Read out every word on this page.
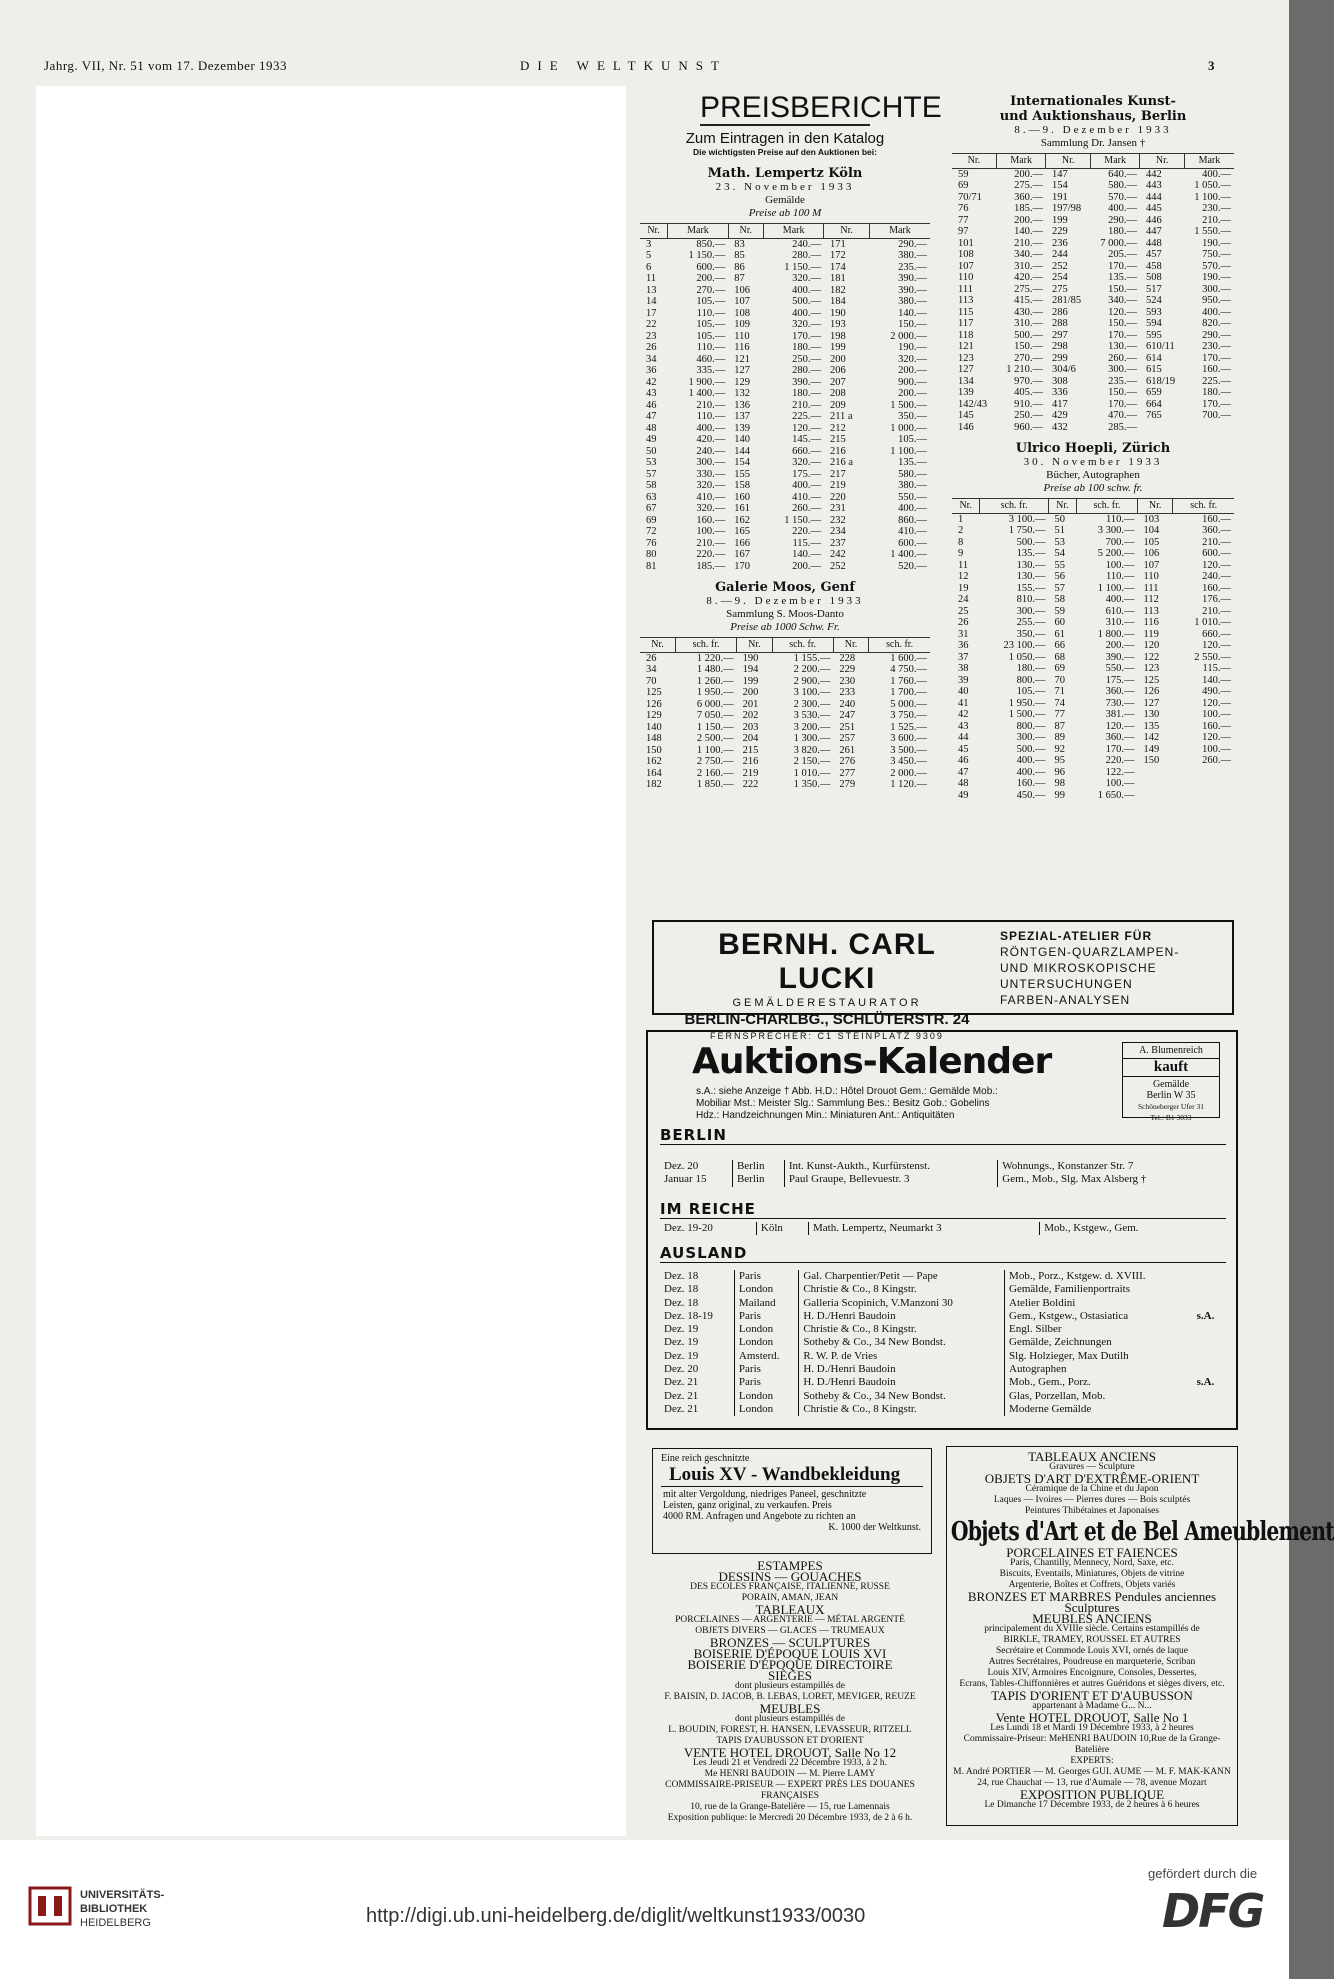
Jahrg. VII, Nr. 51 vom 17. Dezember 1933	DIE WELTKUNST	3
PREISBERICHTE
Zum Eintragen in den Katalog
Die wichtigsten Preise auf den Auktionen bei:
Math. Lempertz Köln
23. November 1933
Gemälde
Preise ab 100 M
Nr.	Mark	Nr.	Mark	Nr.	Mark
3	850.—	83	240.—	171	290.—
5	1 150.—	85	280.—	172	380.—
6	600.—	86	1 150.—	174	235.—
11	200.—	87	320.—	181	390.—
13	270.—	106	400.—	182	390.—
14	105.—	107	500.—	184	380.—
17	110.—	108	400.—	190	140.—
22	105.—	109	320.—	193	150.—
23	105.—	110	170.—	198	2 000.—
26	110.—	116	180.—	199	190.—
34	460.—	121	250.—	200	320.—
36	335.—	127	280.—	206	200.—
42	1 900.—	129	390.—	207	900.—
43	1 400.—	132	180.—	208	200.—
46	210.—	136	210.—	209	1 500.—
47	110.—	137	225.—	211 a	350.—
48	400.—	139	120.—	212	1 000.—
49	420.—	140	145.—	215	105.—
50	240.—	144	660.—	216	1 100.—
53	300.—	154	320.—	216 a	135.—
57	330.—	155	175.—	217	580.—
58	320.—	158	400.—	219	380.—
63	410.—	160	410.—	220	550.—
67	320.—	161	260.—	231	400.—
69	160.—	162	1 150.—	232	860.—
72	100.—	165	220.—	234	410.—
76	210.—	166	115.—	237	600.—
80	220.—	167	140.—	242	1 400.—
81	185.—	170	200.—	252	520.—
Galerie Moos, Genf
8.—9. Dezember 1933
Sammlung S. Moos-Danto
Preise ab 1000 Schw. Fr.
Nr.	sch. fr.	Nr.	sch. fr.	Nr.	sch. fr.
26	1 220.—	190	1 155.—	228	1 600.—
34	1 480.—	194	2 200.—	229	4 750.—
70	1 260.—	199	2 900.—	230	1 760.—
125	1 950.—	200	3 100.—	233	1 700.—
126	6 000.—	201	2 300.—	240	5 000.—
129	7 050.—	202	3 530.—	247	3 750.—
140	1 150.—	203	3 200.—	251	1 525.—
148	2 500.—	204	1 300.—	257	3 600.—
150	1 100.—	215	3 820.—	261	3 500.—
162	2 750.—	216	2 150.—	276	3 450.—
164	2 160.—	219	1 010.—	277	2 000.—
182	1 850.—	222	1 350.—	279	1 120.—
Internationales Kunst-
und Auktionshaus, Berlin
8.—9. Dezember 1933
Sammlung Dr. Jansen †
Nr.	Mark	Nr.	Mark	Nr.	Mark
59	200.—	147	640.—	442	400.—
69	275.—	154	580.—	443	1 050.—
70/71	360.—	191	570.—	444	1 100.—
76	185.—	197/98	400.—	445	230.—
77	200.—	199	290.—	446	210.—
97	140.—	229	180.—	447	1 550.—
101	210.—	236	7 000.—	448	190.—
108	340.—	244	205.—	457	750.—
107	310.—	252	170.—	458	570.—
110	420.—	254	135.—	508	190.—
111	275.—	275	150.—	517	300.—
113	415.—	281/85	340.—	524	950.—
115	430.—	286	120.—	593	400.—
117	310.—	288	150.—	594	820.—
118	500.—	297	170.—	595	290.—
121	150.—	298	130.—	610/11	230.—
123	270.—	299	260.—	614	170.—
127	1 210.—	304/6	300.—	615	160.—
134	970.—	308	235.—	618/19	225.—
139	405.—	336	150.—	659	180.—
142/43	910.—	417	170.—	664	170.—
145	250.—	429	470.—	765	700.—
146	960.—	432	285.—		
Ulrico Hoepli, Zürich
30. November 1933
Bücher, Autographen
Preise ab 100 schw. fr.
Nr.	sch. fr.	Nr.	sch. fr.	Nr.	sch. fr.
1	3 100.—	50	110.—	103	160.—
2	1 750.—	51	3 300.—	104	360.—
8	500.—	53	700.—	105	210.—
9	135.—	54	5 200.—	106	600.—
11	130.—	55	100.—	107	120.—
12	130.—	56	110.—	110	240.—
19	155.—	57	1 100.—	111	160.—
24	810.—	58	400.—	112	176.—
25	300.—	59	610.—	113	210.—
26	255.—	60	310.—	116	1 010.—
31	350.—	61	1 800.—	119	660.—
36	23 100.—	66	200.—	120	120.—
37	1 050.—	68	390.—	122	2 550.—
38	180.—	69	550.—	123	115.—
39	800.—	70	175.—	125	140.—
40	105.—	71	360.—	126	490.—
41	1 950.—	74	730.—	127	120.—
42	1 500.—	77	381.—	130	100.—
43	800.—	87	120.—	135	160.—
44	300.—	89	360.—	142	120.—
45	500.—	92	170.—	149	100.—
46	400.—	95	220.—	150	260.—
47	400.—	96	122.—		
48	160.—	98	100.—		
49	450.—	99	1 650.—		
BERNH. CARL LUCKI
GEMÄLDERESTAURATOR
BERLIN-CHARLBG., SCHLÜTERSTR. 24
FERNSPRECHER: C1 STEINPLATZ 9309
SPEZIAL-ATELIER FÜR
RÖNTGEN-QUARZLAMPEN-
UND MIKROSKOPISCHE
UNTERSUCHUNGEN
FARBEN-ANALYSEN
Auktions-Kalender
s.A.: siehe Anzeige † Abb. H.D.: Hôtel Drouot Gem.: Gemälde Mob.:
Mobiliar Mst.: Meister Slg.: Sammlung Bes.: Besitz Gob.: Gobelins
Hdz.: Handzeichnungen Min.: Miniaturen Ant.: Antiquitäten
A. Blumenreich
kauft
Gemälde
Berlin W 35
Schöneberger Ufer 31
Tel.: B1 3033
BERLIN
Dez. 20	Berlin	Int. Kunst-Aukth., Kurfürstenst.	Wohnungs., Konstanzer Str. 7	
Januar 15	Berlin	Paul Graupe, Bellevuestr. 3	Gem., Mob., Slg. Max Alsberg †	
IM REICHE
Dez. 19-20	Köln	Math. Lempertz, Neumarkt 3	Mob., Kstgew., Gem.	
AUSLAND
Dez. 18	Paris	Gal. Charpentier/Petit — Pape	Mob., Porz., Kstgew. d. XVIII.	
Dez. 18	London	Christie & Co., 8 Kingstr.	Gemälde, Familienportraits	
Dez. 18	Mailand	Galleria Scopinich, V.Manzoni 30	Atelier Boldini	
Dez. 18-19	Paris	H. D./Henri Baudoin	Gem., Kstgew., Ostasiatica	s.A.
Dez. 19	London	Christie & Co., 8 Kingstr.	Engl. Silber	
Dez. 19	London	Sotheby & Co., 34 New Bondst.	Gemälde, Zeichnungen	
Dez. 19	Amsterd.	R. W. P. de Vries	Slg. Holzieger, Max Dutilh	
Dez. 20	Paris	H. D./Henri Baudoin	Autographen	
Dez. 21	Paris	H. D./Henri Baudoin	Mob., Gem., Porz.	s.A.
Dez. 21	London	Sotheby & Co., 34 New Bondst.	Glas, Porzellan, Mob.	
Dez. 21	London	Christie & Co., 8 Kingstr.	Moderne Gemälde	
Eine reich geschnitzte
Louis XV - Wandbekleidung
mit alter Vergoldung, niedriges Paneel, geschnitzte
Leisten, ganz original, zu verkaufen. Preis
4000 RM. Anfragen und Angebote zu richten an
K. 1000 der Weltkunst.
ESTAMPES
DESSINS — GOUACHES
DES ECOLES FRANÇAISE, ITALIENNE, RUSSE
PORAIN, AMAN, JEAN
TABLEAUX
PORCELAINES — ARGENTERIE — MÉTAL ARGENTÉ
OBJETS DIVERS — GLACES — TRUMEAUX
BRONZES — SCULPTURES
BOISERIE D'ÉPOQUE LOUIS XVI
BOISERIE D'ÉPOQUE DIRECTOIRE
SIÈGES
dont plusieurs estampillés de
F. BAISIN, D. JACOB, B. LEBAS, LORET, MEVIGER, REUZE
MEUBLES
dont plusieurs estampillés de
L. BOUDIN, FOREST, H. HANSEN, LEVASSEUR, RITZELL
TAPIS D'AUBUSSON ET D'ORIENT
VENTE HOTEL DROUOT, Salle No 12
Les Jeudi 21 et Vendredi 22 Décembre 1933, à 2 h.
Me HENRI BAUDOIN — M. Pierre LAMY
COMMISSAIRE-PRISEUR — EXPERT PRÈS LES DOUANES FRANÇAISES
10, rue de la Grange-Batelière — 15, rue Lamennais
Exposition publique: le Mercredi 20 Décembre 1933, de 2 à 6 h.
TABLEAUX ANCIENS
Gravures — Sculpture
OBJETS D'ART D'EXTRÊME-ORIENT
Céramique de la Chine et du Japon
Laques — Ivoires — Pierres dures — Bois sculptés
Peintures Thibétaines et Japonaises
Objets d'Art et de Bel Ameublement
PORCELAINES ET FAIENCES
Paris, Chantilly, Mennecy, Nord, Saxe, etc.
Biscuits, Eventails, Miniatures, Objets de vitrine
Argenterie, Boîtes et Coffrets, Objets variés
BRONZES ET MARBRES Pendules anciennes Sculptures
MEUBLES ANCIENS
principalement du XVIIIe siècle. Certains estampillés de
BIRKLE, TRAMEY, ROUSSEL ET AUTRES
Secrétaire et Commode Louis XVI, ornés de laque
Autres Secrétaires, Poudreuse en marqueterie, Scriban
Louis XIV, Armoires Encoignure, Consoles, Dessertes,
Ecrans, Tables-Chiffonnières et autres Guéridons et sièges divers, etc.
TAPIS D'ORIENT ET D'AUBUSSON
appartenant à Madame G... N...
Vente HOTEL DROUOT, Salle No 1
Les Lundi 18 et Mardi 19 Décembre 1933, à 2 heures
Commissaire-Priseur: MeHENRI BAUDOIN 10,Rue de la Grange-Batelière
EXPERTS:
M. André PORTIER — M. Georges GUI. AUME — M. F. MAK-KANN
24, rue Chauchat — 13, rue d'Aumale — 78, avenue Mozart
EXPOSITION PUBLIQUE
Le Dimanche 17 Décembre 1933, de 2 heures à 6 heures
UNIVERSITÄTS-
BIBLIOTHEK
HEIDELBERG	http://digi.ub.uni-heidelberg.de/diglit/weltkunst1933/0030
gefördert durch die
DFG
